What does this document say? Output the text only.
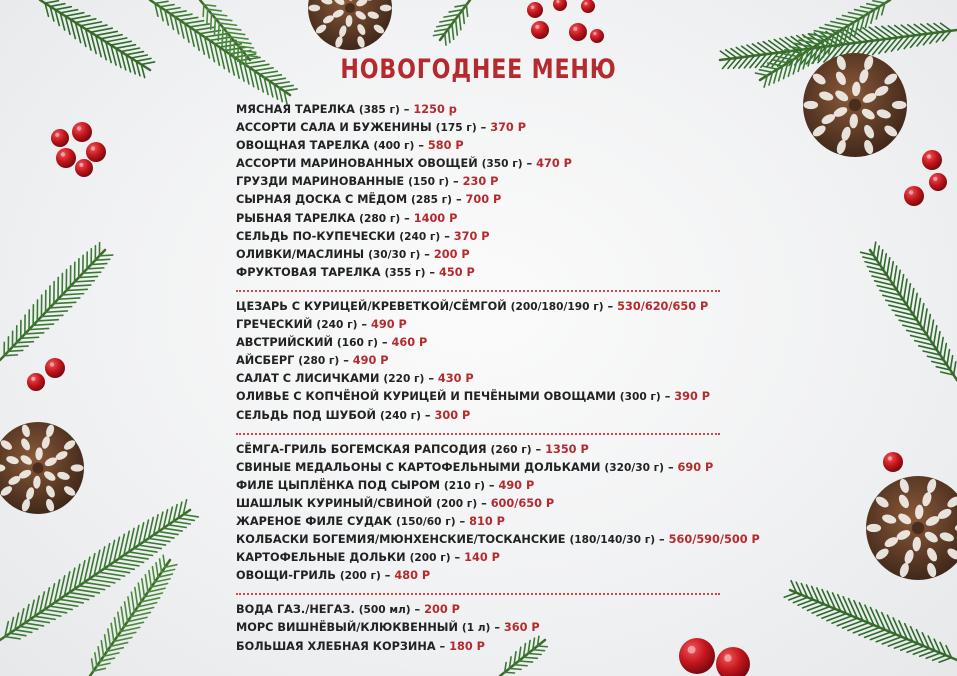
НОВОГОДНЕЕ МЕНЮ
МЯСНАЯ ТАРЕЛКА (385 г) – 1250 р
АССОРТИ САЛА И БУЖЕНИНЫ (175 г) – 370 Р
ОВОЩНАЯ ТАРЕЛКА (400 г) – 580 Р
АССОРТИ МАРИНОВАННЫХ ОВОЩЕЙ (350 г) – 470 Р
ГРУЗДИ МАРИНОВАННЫЕ (150 г) – 230 Р
СЫРНАЯ ДОСКА С МЁДОМ (285 г) – 700 Р
РЫБНАЯ ТАРЕЛКА (280 г) – 1400 Р
СЕЛЬДЬ ПО-КУПЕЧЕСКИ (240 г) – 370 Р
ОЛИВКИ/МАСЛИНЫ (30/30 г) – 200 Р
ФРУКТОВАЯ ТАРЕЛКА (355 г) – 450 Р
ЦЕЗАРЬ С КУРИЦЕЙ/КРЕВЕТКОЙ/СЁМГОЙ (200/180/190 г) – 530/620/650 Р
ГРЕЧЕСКИЙ (240 г) – 490 Р
АВСТРИЙСКИЙ (160 г) – 460 Р
АЙСБЕРГ (280 г) – 490 Р
САЛАТ С ЛИСИЧКАМИ (220 г) – 430 Р
ОЛИВЬЕ С КОПЧЁНОЙ КУРИЦЕЙ И ПЕЧЁНЫМИ ОВОЩАМИ (300 г) – 390 Р
СЕЛЬДЬ ПОД ШУБОЙ (240 г) – 300 Р
СЁМГА-ГРИЛЬ БОГЕМСКАЯ РАПСОДИЯ (260 г) – 1350 Р
СВИНЫЕ МЕДАЛЬОНЫ С КАРТОФЕЛЬНЫМИ ДОЛЬКАМИ (320/30 г) – 690 Р
ФИЛЕ ЦЫПЛЁНКА ПОД СЫРОМ (210 г) – 490 Р
ШАШЛЫК КУРИНЫЙ/СВИНОЙ (200 г) – 600/650 Р
ЖАРЕНОЕ ФИЛЕ СУДАК (150/60 г) – 810 Р
КОЛБАСКИ БОГЕМИЯ/МЮНХЕНСКИЕ/ТОСКАНСКИЕ (180/140/30 г) – 560/590/500 Р
КАРТОФЕЛЬНЫЕ ДОЛЬКИ (200 г) – 140 Р
ОВОЩИ-ГРИЛЬ (200 г) – 480 Р
ВОДА ГАЗ./НЕГАЗ. (500 мл) – 200 Р
МОРС ВИШНЁВЫЙ/КЛЮКВЕННЫЙ (1 л) – 360 Р
БОЛЬШАЯ ХЛЕБНАЯ КОРЗИНА – 180 Р
